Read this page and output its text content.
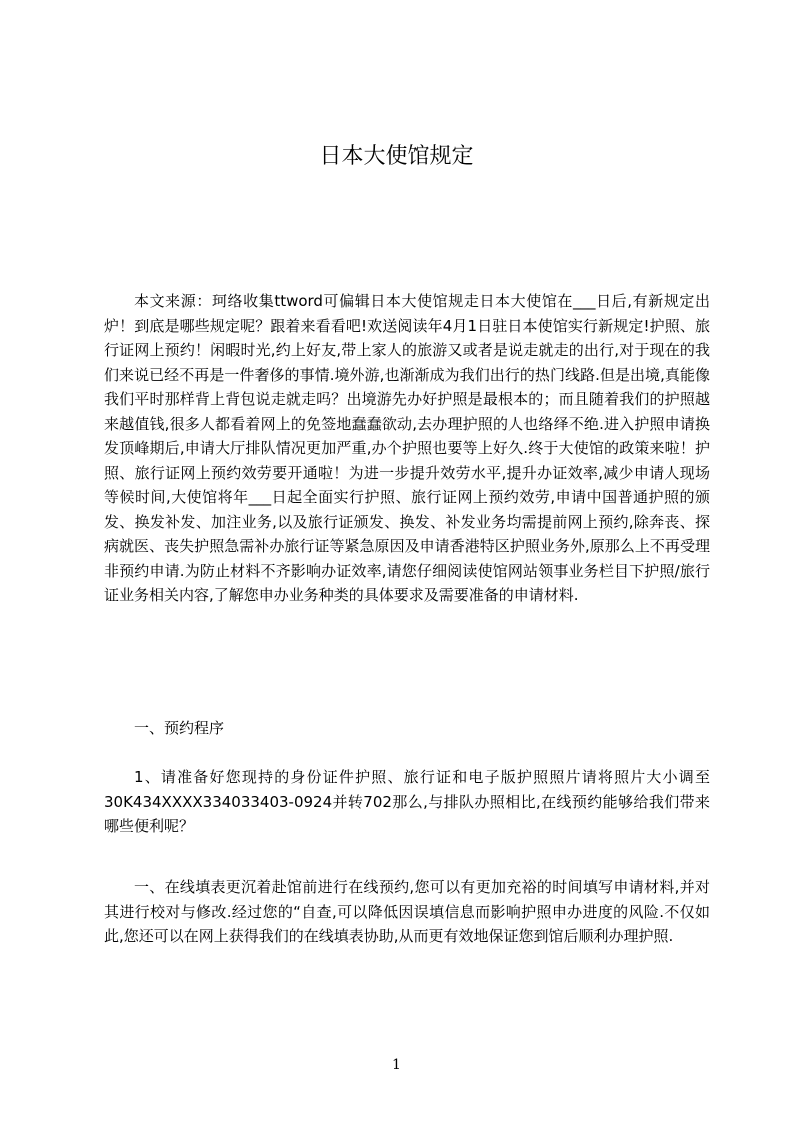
日本大使馆规定

本文来源：珂络收集ttword可偏辑日本大使馆规走日本大使馆在___日后,有新规定出炉！到底是哪些规定呢？跟着来看看吧!欢送阅读年4月1日驻日本使馆实行新规定!护照、旅行证网上预约！闲暇时光,约上好友,带上家人的旅游又或者是说走就走的出行,对于现在的我们来说已经不再是一件奢侈的事情.境外游,也渐渐成为我们出行的热门线路.但是出境,真能像我们平时那样背上背包说走就走吗？出境游先办好护照是最根本的；而且随着我们的护照越来越值钱,很多人都看着网上的免签地蠢蠢欲动,去办理护照的人也络绎不绝.进入护照申请换发顶峰期后,申请大厅排队情况更加严重,办个护照也要等上好久.终于大使馆的政策来啦！护照、旅行证网上预约效劳要开通啦！为进一步提升效劳水平,提升办证效率,减少申请人现场等候时间,大使馆将年___日起全面实行护照、旅行证网上预约效劳,申请中国普通护照的颁发、换发补发、加注业务,以及旅行证颁发、换发、补发业务均需提前网上预约,除奔丧、探病就医、丧失护照急需补办旅行证等紧急原因及申请香港特区护照业务外,原那么上不再受理非预约申请.为防止材料不齐影响办证效率,请您仔细阅读使馆网站领事业务栏目下护照/旅行证业务相关内容,了解您申办业务种类的具体要求及需要准备的申请材料.

一、预约程序

1、请准备好您现持的身份证件护照、旅行证和电子版护照照片请将照片大小调至30K434XXXX334033403-0924并转702那么,与排队办照相比,在线预约能够给我们带来哪些便利呢？

一、在线填表更沉着赴馆前进行在线预约,您可以有更加充裕的时间填写申请材料,并对其进行校对与修改.经过您的“自查,可以降低因误填信息而影响护照申办进度的风险.不仅如此,您还可以在网上获得我们的在线填表协助,从而更有效地保证您到馆后顺利办理护照.

1
